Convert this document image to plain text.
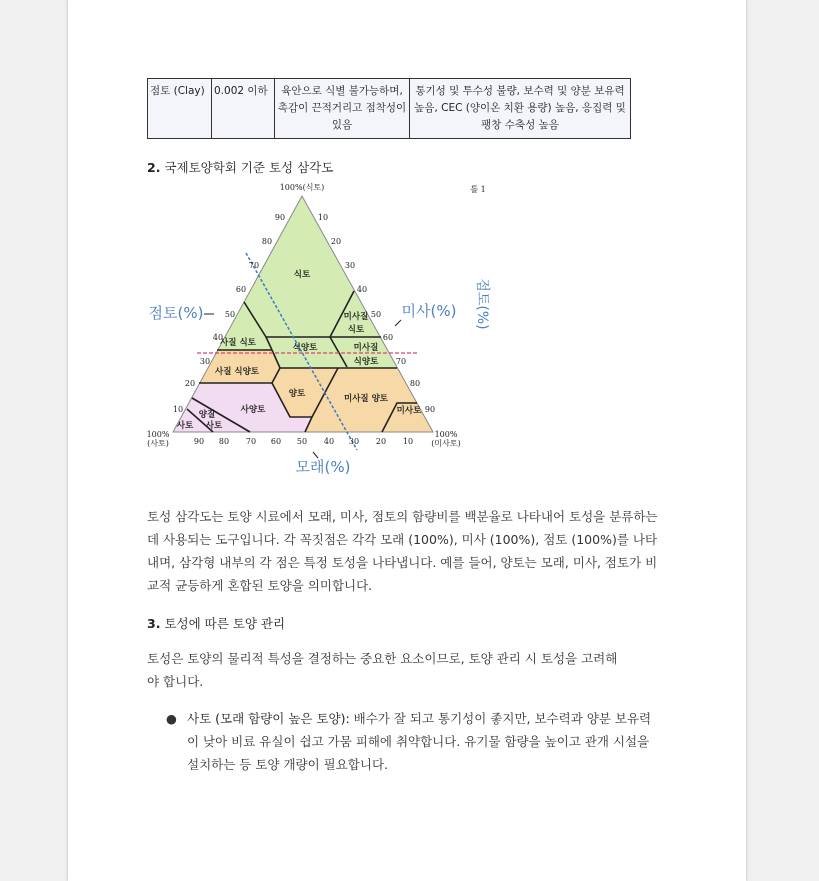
점토 (Clay)	0.002 이하	육안으로 식별 불가능하며, 촉감이 끈적거리고 점착성이 있음	통기성 및 투수성 불량, 보수력 및 양분 보유력 높음, CEC (양이온 치환 용량) 높음, 응집력 및 팽창 수축성 높음
2. 국제토양학회 기준 토성 삼각도
100%(식토)
100%
(사토)
100%
(미사토)
틀 1
90
80
70
60
50
40
30
20
10
10
20
30
40
50
60
70
80
90
90 80 70 60 50 40 30 20 10
식토
미사질
식토
사질 식토	식양토	미사질
식양토
사질 식양토
양토	미사질 양토
미사토
사양토
양질
사토
사토
점토(%)	미사(%)
모래(%)
점토(%)
토성 삼각도는 토양 시료에서 모래, 미사, 점토의 함량비를 백분율로 나타내어 토성을 분류하는 데 사용되는 도구입니다. 각 꼭짓점은 각각 모래 (100%), 미사 (100%), 점토 (100%)를 나타내며, 삼각형 내부의 각 점은 특정 토성을 나타냅니다. 예를 들어, 양토는 모래, 미사, 점토가 비교적 균등하게 혼합된 토양을 의미합니다.
3. 토성에 따른 토양 관리
토성은 토양의 물리적 특성을 결정하는 중요한 요소이므로, 토양 관리 시 토성을 고려해야 합니다.
● 사토 (모래 함량이 높은 토양): 배수가 잘 되고 통기성이 좋지만, 보수력과 양분 보유력이 낮아 비료 유실이 쉽고 가뭄 피해에 취약합니다. 유기물 함량을 높이고 관개 시설을 설치하는 등 토양 개량이 필요합니다.
